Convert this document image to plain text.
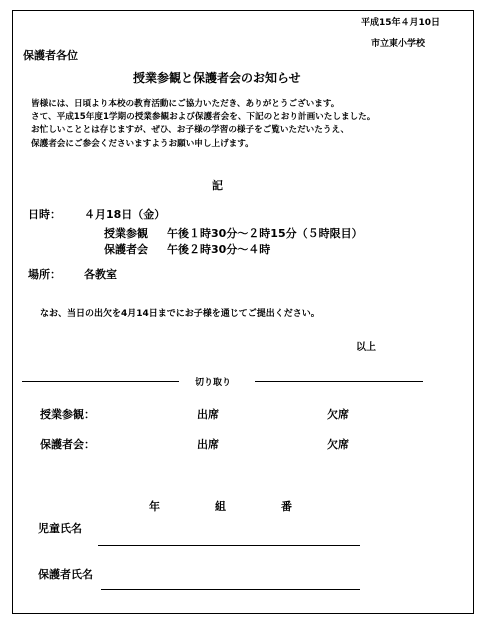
平成15年４月10日
市立東小学校
保護者各位
授業参観と保護者会のお知らせ
皆様には、日頃より本校の教育活動にご協力いただき、ありがとうございます。
さて、平成15年度1学期の授業参観および保護者会を、下記のとおり計画いたしました。
お忙しいこととは存じますが、ぜひ、お子様の学習の様子をご覧いただいたうえ、
保護者会にご参会くださいますようお願い申し上げます。
記
日時： ４月18日（金）
授業参観 午後１時30分～２時15分（５時限目）
保護者会 午後２時30分～４時
場所： 各教室
なお、当日の出欠を4月14日までにお子様を通じてご提出ください。
以上
切り取り
授業参観：	出席	欠席
保護者会：	出席	欠席
年	組	番
児童氏名
保護者氏名
